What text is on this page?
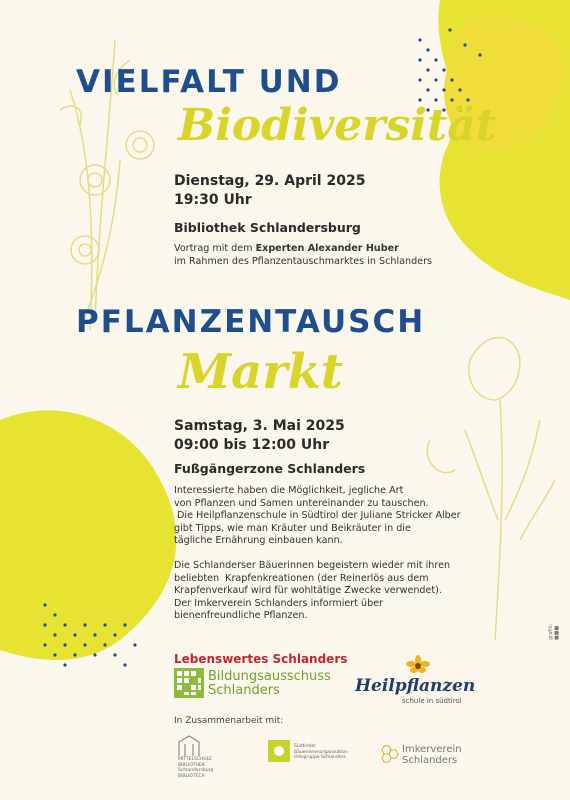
VIELFALT UND
Biodiversität
Dienstag, 29. April 2025
19:30 Uhr
Bibliothek Schlandersburg
Vortrag mit dem Experten Alexander Huber
im Rahmen des Pflanzentauschmarktes in Schlanders
PFLANZENTAUSCH
Markt
Samstag, 3. Mai 2025
09:00 bis 12:00 Uhr
Fußgängerzone Schlanders
Interessierte haben die Möglichkeit, jegliche Art
von Pflanzen und Samen untereinander zu tauschen.
Die Heilpflanzenschule in Südtirol der Juliane Stricker Alber
gibt Tipps, wie man Kräuter und Beikräuter in die
tägliche Ernährung einbauen kann.
Die Schlanderser Bäuerinnen begeistern wieder mit ihren
beliebten  Krapfenkreationen (der Reinerlös aus dem
Krapfenverkauf wird für wohltätige Zwecke verwendet).
Der Imkerverein Schlanders informiert über
bienenfreundliche Pflanzen.
grafik: ■■■
Lebenswertes Schlanders
Bildungsausschuss
Schlanders	Heilpflanzen
schule in südtirol
In Zusammenarbeit mit:
MITTELSCHULE
BIBLIOTHEK
Schlandersburg
BIBLIOTECA
Südtiroler
Bäuerinnenorganisation
Ortsgruppe Schlanders
Imkerverein
Schlanders
